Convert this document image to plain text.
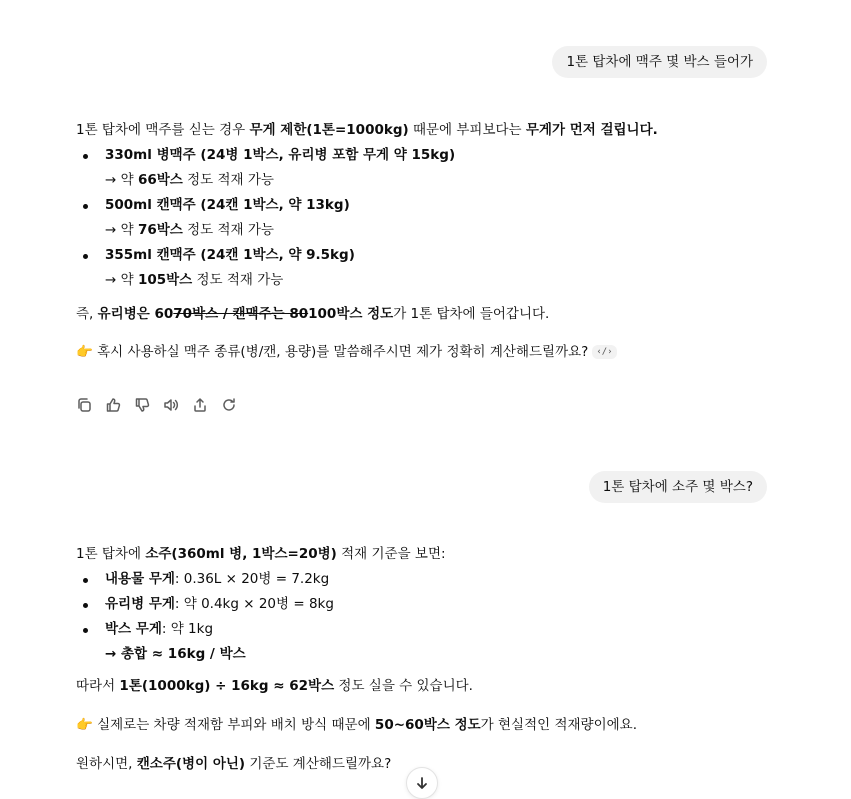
1톤 탑차에 맥주 몇 박스 들어가

1톤 탑차에 맥주를 싣는 경우 무게 제한(1톤=1000kg) 때문에 부피보다는 무게가 먼저 걸립니다.

330ml 병맥주 (24병 1박스, 유리병 포함 무게 약 15kg)
→ 약 66박스 정도 적재 가능
500ml 캔맥주 (24캔 1박스, 약 13kg)
→ 약 76박스 정도 적재 가능
355ml 캔맥주 (24캔 1박스, 약 9.5kg)
→ 약 105박스 정도 적재 가능

즉, 유리병은 6070박스 / 캔맥주는 80100박스 정도가 1톤 탑차에 들어갑니다.

👉 혹시 사용하실 맥주 종류(병/캔, 용량)를 말씀해주시면 제가 정확히 계산해드릴까요? ‹/›

1톤 탑차에 소주 몇 박스?

1톤 탑차에 소주(360ml 병, 1박스=20병) 적재 기준을 보면:

내용물 무게: 0.36L × 20병 = 7.2kg
유리병 무게: 약 0.4kg × 20병 = 8kg
박스 무게: 약 1kg
→ 총합 ≈ 16kg / 박스

따라서 1톤(1000kg) ÷ 16kg ≈ 62박스 정도 실을 수 있습니다.

👉 실제로는 차량 적재함 부피와 배치 방식 때문에 50~60박스 정도가 현실적인 적재량이에요.

원하시면, 캔소주(병이 아닌) 기준도 계산해드릴까요?
